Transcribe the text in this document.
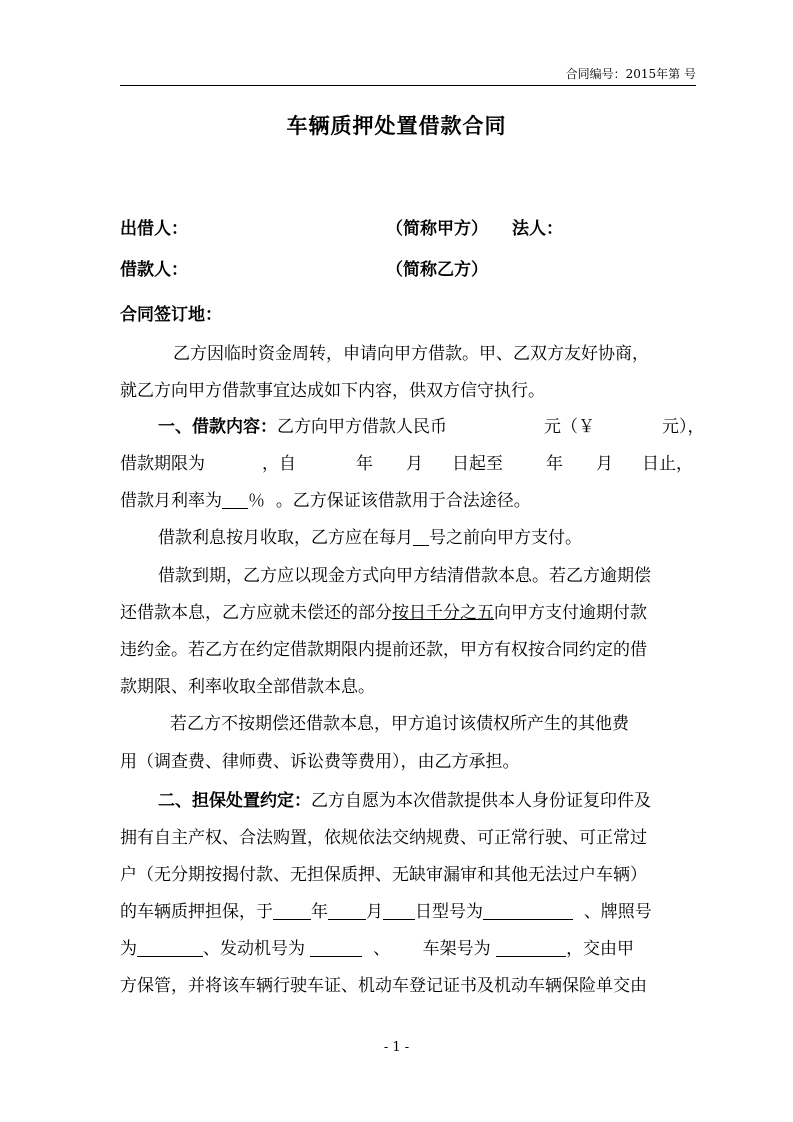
合同编号：2015年第 号
车辆质押处置借款合同
出借人：	（简称甲方） 法人：
借款人：	（简称乙方）
合同签订地：
乙方因临时资金周转，申请向甲方借款。甲、乙双方友好协商，
就乙方向甲方借款事宜达成如下内容，供双方信守执行。
一、借款内容：乙方向甲方借款人民币	元（￥	元），
借款期限为	，自	年 月 日起至	年 月 日止，
借款月利率为 ％ 。乙方保证该借款用于合法途径。
借款利息按月收取，乙方应在每月 号之前向甲方支付。
借款到期，乙方应以现金方式向甲方结清借款本息。若乙方逾期偿
还借款本息，乙方应就未偿还的部分按日千分之五向甲方支付逾期付款
违约金。若乙方在约定借款期限内提前还款，甲方有权按合同约定的借
款期限、利率收取全部借款本息。
若乙方不按期偿还借款本息，甲方追讨该债权所产生的其他费
用（调查费、律师费、诉讼费等费用），由乙方承担。
二、担保处置约定：乙方自愿为本次借款提供本人身份证复印件及
拥有自主产权、合法购置，依规依法交纳规费、可正常行驶、可正常过
户（无分期按揭付款、无担保质押、无缺审漏审和其他无法过户车辆）
的车辆质押担保，于 年 月 日型号为	、牌照号
为	、发动机号为	、 车架号为	，交由甲
方保管，并将该车辆行驶车证、机动车登记证书及机动车辆保险单交由
- 1 -
